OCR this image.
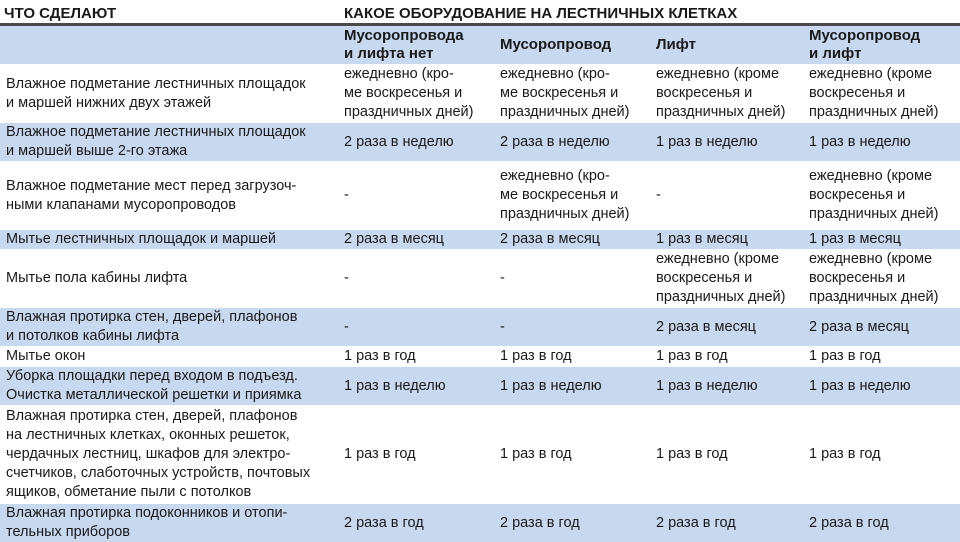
ЧТО СДЕЛАЮТ	КАКОЕ ОБОРУДОВАНИЕ НА ЛЕСТНИЧНЫХ КЛЕТКАХ			
	Мусоропровода
и лифта нет	Мусоропровод	Лифт	Мусоропровод
и лифт
Влажное подметание лестничных площадок
и маршей нижних двух этажей	ежедневно (кро-
ме воскресенья и
праздничных дней)	ежедневно (кро-
ме воскресенья и
праздничных дней)	ежедневно (кроме
воскресенья и
праздничных дней)	ежедневно (кроме
воскресенья и
праздничных дней)
Влажное подметание лестничных площадок
и маршей выше 2-го этажа	2 раза в неделю	2 раза в неделю	1 раз в неделю	1 раз в неделю
Влажное подметание мест перед загрузоч-
ными клапанами мусоропроводов	-	ежедневно (кро-
ме воскресенья и
праздничных дней)	-	ежедневно (кроме
воскресенья и
праздничных дней)
Мытье лестничных площадок и маршей	2 раза в месяц	2 раза в месяц	1 раз в месяц	1 раз в месяц
Мытье пола кабины лифта	-	-	ежедневно (кроме
воскресенья и
праздничных дней)	ежедневно (кроме
воскресенья и
праздничных дней)
Влажная протирка стен, дверей, плафонов
и потолков кабины лифта	-	-	2 раза в месяц	2 раза в месяц
Мытье окон	1 раз в год	1 раз в год	1 раз в год	1 раз в год
Уборка площадки перед входом в подъезд.
Очистка металлической решетки и приямка	1 раз в неделю	1 раз в неделю	1 раз в неделю	1 раз в неделю
Влажная протирка стен, дверей, плафонов
на лестничных клетках, оконных решеток,
чердачных лестниц, шкафов для электро-
счетчиков, слаботочных устройств, почтовых
ящиков, обметание пыли с потолков	1 раз в год	1 раз в год	1 раз в год	1 раз в год
Влажная протирка подоконников и отопи-
тельных приборов	2 раза в год	2 раза в год	2 раза в год	2 раза в год
